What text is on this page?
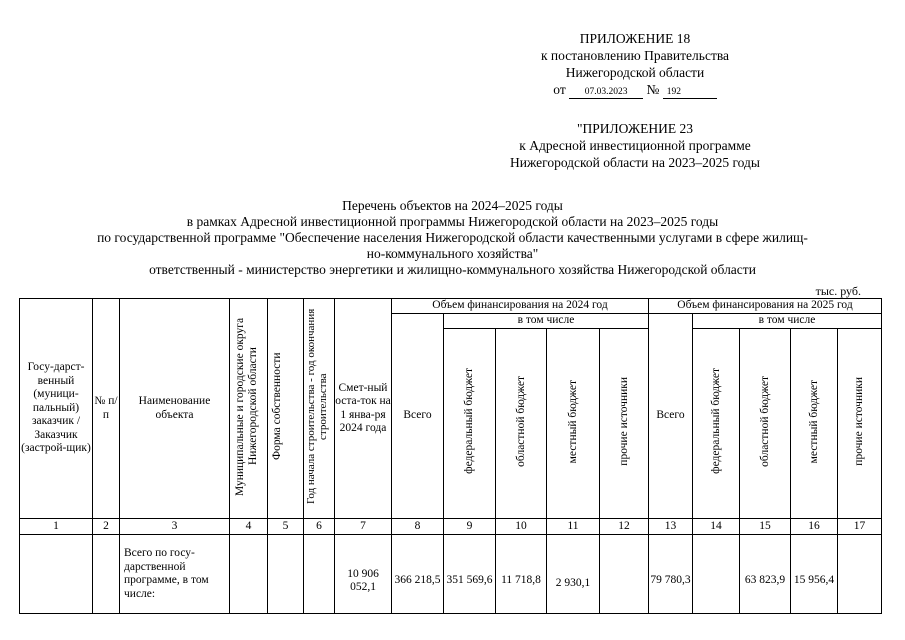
ПРИЛОЖЕНИЕ 18
к постановлению Правительства
Нижегородской области
от 07.03.2023 № 192
"ПРИЛОЖЕНИЕ 23
к Адресной инвестиционной программе
Нижегородской области на 2023–2025 годы
Перечень объектов на 2024–2025 годы
в рамках Адресной инвестиционной программы Нижегородской области на 2023–2025 годы
по государственной программе "Обеспечение населения Нижегородской области качественными услугами в сфере жилищ-
но-коммунального хозяйства"
ответственный - министерство энергетики и жилищно-коммунального хозяйства Нижегородской области
тыс. руб.
Госу-дарст-венный (муници-пальный) заказчик / Заказчик (застрой-щик)	№ п/п	Наименование объекта	Муниципальные и городские округа Нижегородской области	Форма собственности	Год начала строительства - год окончания строительства	Смет-ный оста-ток на 1 янва-ря 2024 года	Объем финансирования на 2024 год					Объем финансирования на 2025 год				
							Всего	в том числе				Всего	в том числе			
								федеральный бюджет	областной бюджет	местный бюджет	прочие источники		федеральный бюджет	областной бюджет	местный бюджет	прочие источники
1	2	3	4	5	6	7	8	9	10	11	12	13	14	15	16	17
		Всего по госу-дарственной программе, в том числе:				10 906 052,1	366 218,5	351 569,6	11 718,8	2 930,1		79 780,3		63 823,9	15 956,4	
